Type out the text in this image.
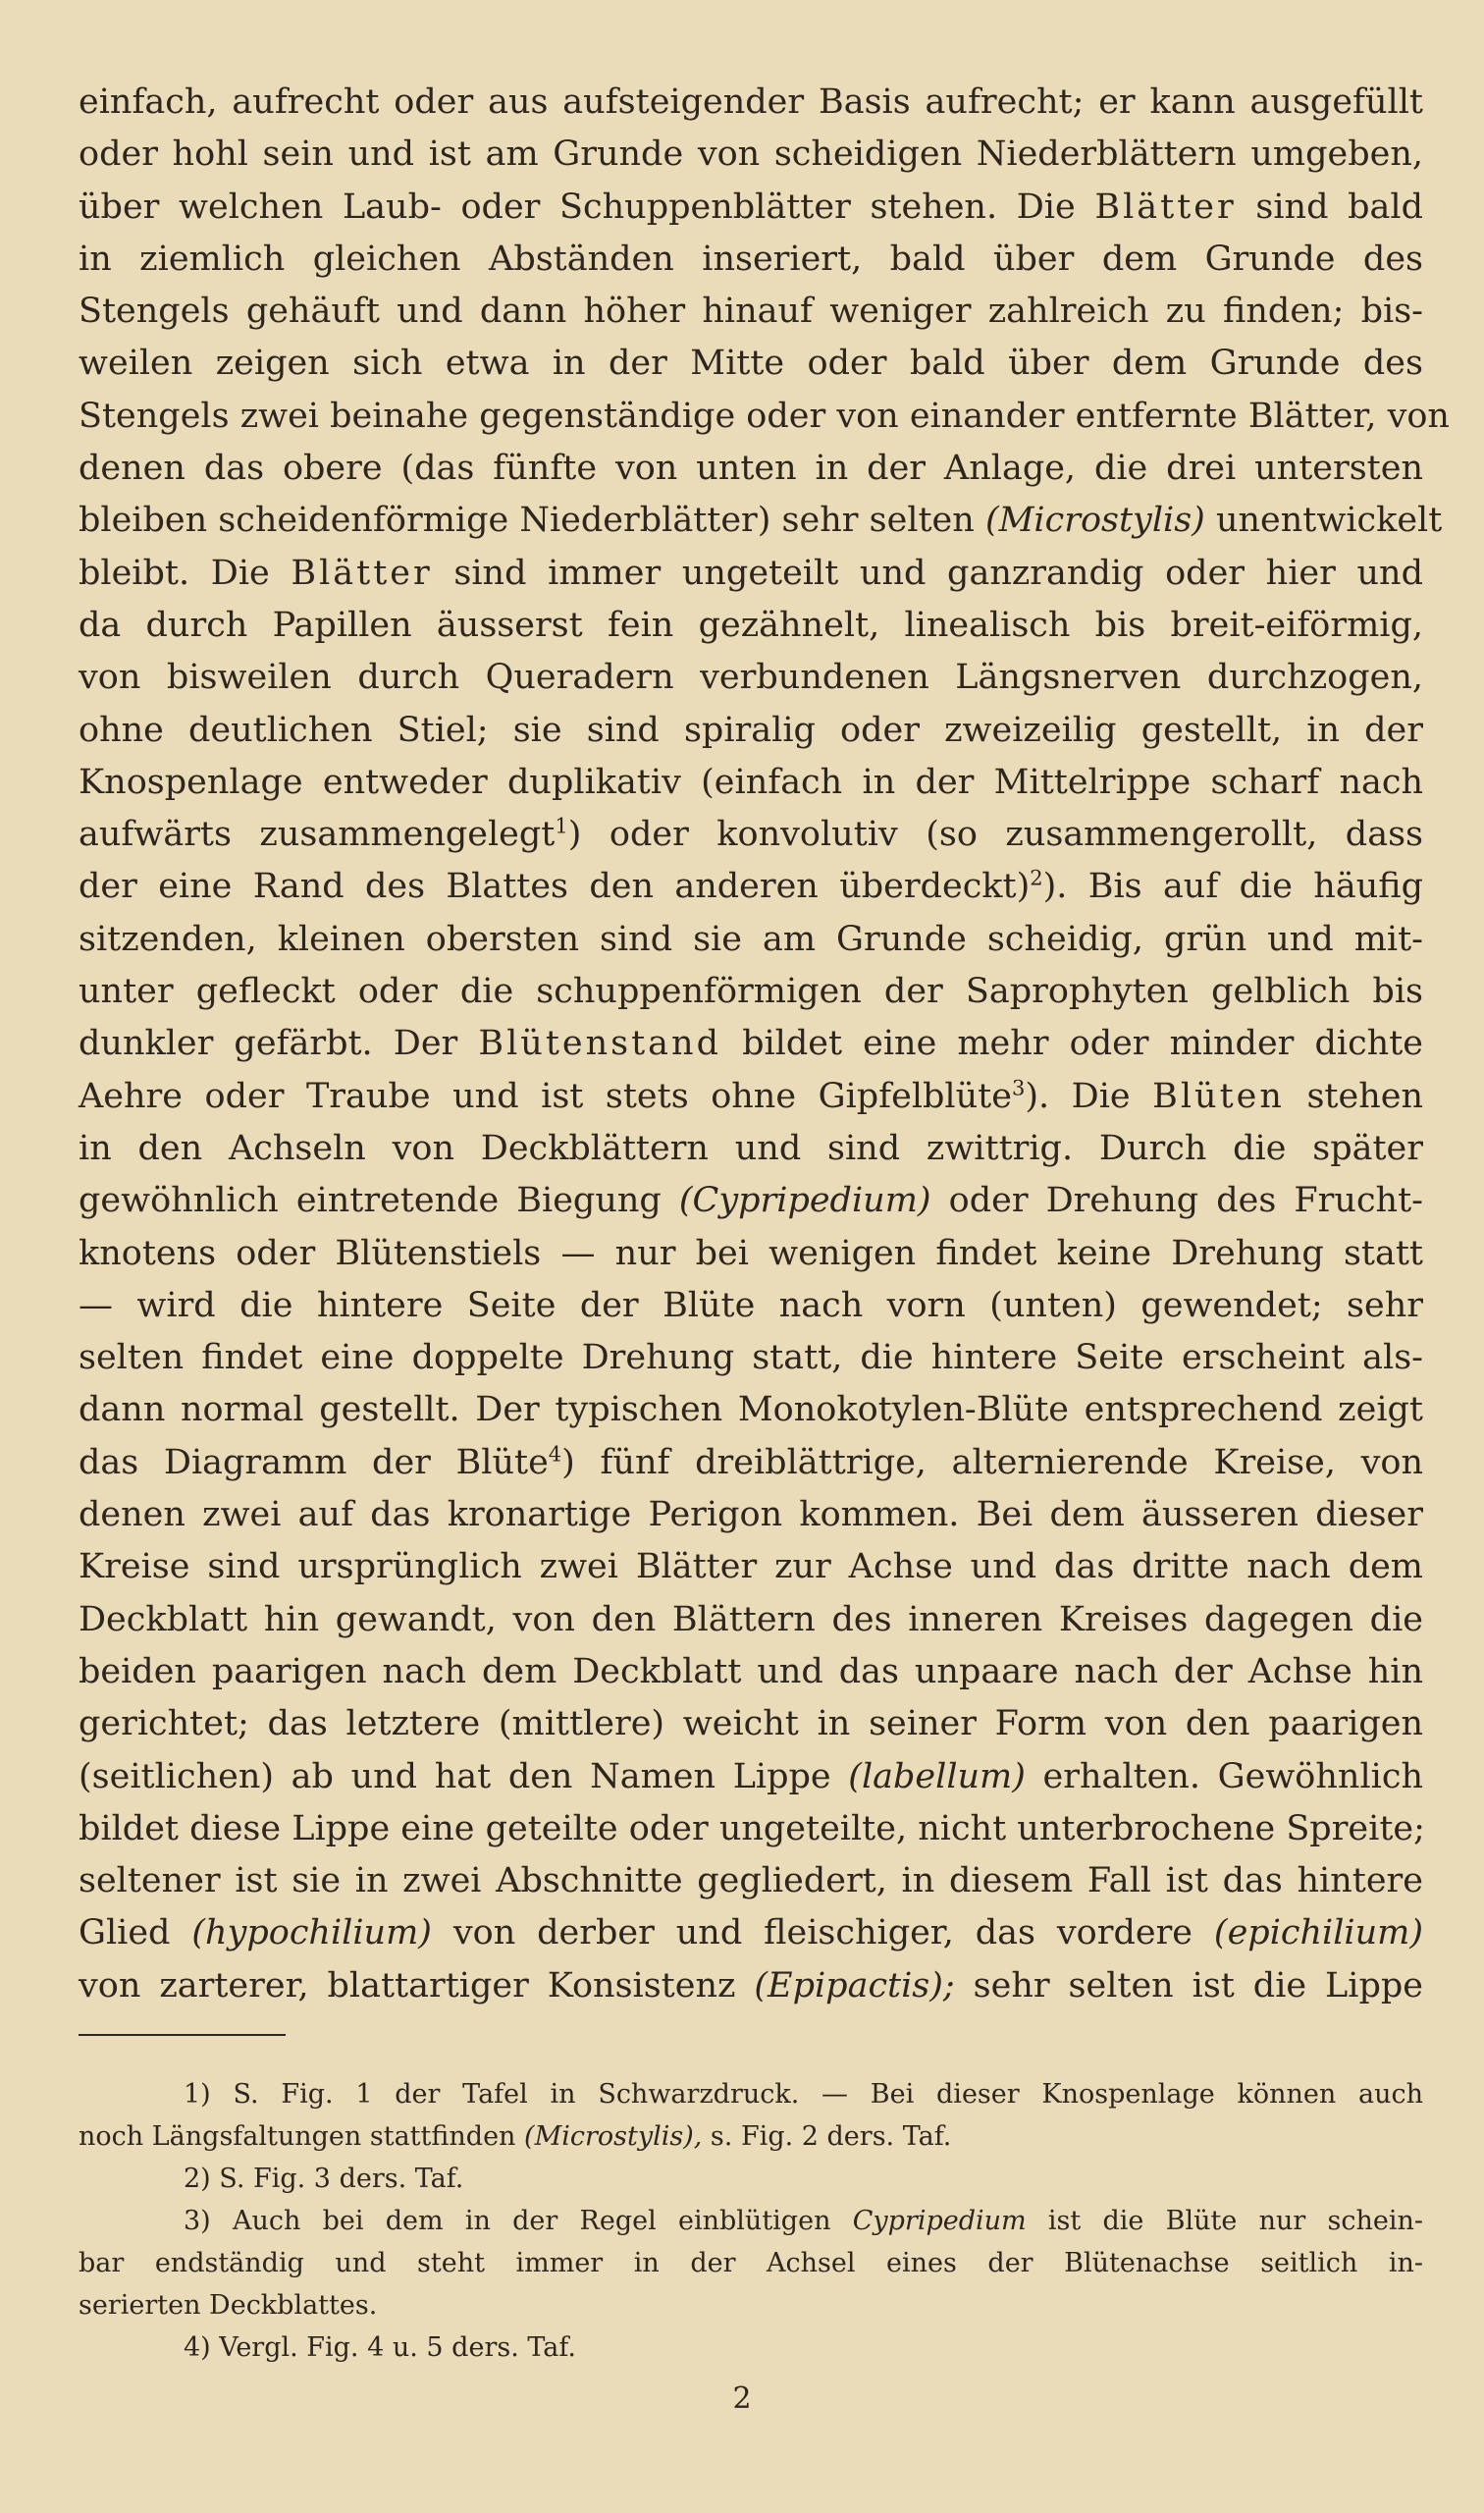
einfach, aufrecht oder aus aufsteigender Basis aufrecht; er kann ausgefüllt
oder hohl sein und ist am Grunde von scheidigen Niederblättern umgeben,
über welchen Laub- oder Schuppenblätter stehen. Die Blätter sind bald
in ziemlich gleichen Abständen inseriert, bald über dem Grunde des
Stengels gehäuft und dann höher hinauf weniger zahlreich zu finden; bis-
weilen zeigen sich etwa in der Mitte oder bald über dem Grunde des
Stengels zwei beinahe gegenständige oder von einander entfernte Blätter, von
denen das obere (das fünfte von unten in der Anlage, die drei untersten
bleiben scheidenförmige Niederblätter) sehr selten (Microstylis) unentwickelt
bleibt. Die Blätter sind immer ungeteilt und ganzrandig oder hier und
da durch Papillen äusserst fein gezähnelt, linealisch bis breit-eiförmig,
von bisweilen durch Queradern verbundenen Längsnerven durchzogen,
ohne deutlichen Stiel; sie sind spiralig oder zweizeilig gestellt, in der
Knospenlage entweder duplikativ (einfach in der Mittelrippe scharf nach
aufwärts zusammengelegt$^1$) oder konvolutiv (so zusammengerollt, dass
der eine Rand des Blattes den anderen überdeckt)$^2$). Bis auf die häufig
sitzenden, kleinen obersten sind sie am Grunde scheidig, grün und mit-
unter gefleckt oder die schuppenförmigen der Saprophyten gelblich bis
dunkler gefärbt. Der Blütenstand bildet eine mehr oder minder dichte
Aehre oder Traube und ist stets ohne Gipfelblüte$^3$). Die Blüten stehen
in den Achseln von Deckblättern und sind zwittrig. Durch die später
gewöhnlich eintretende Biegung (Cypripedium) oder Drehung des Frucht-
knotens oder Blütenstiels — nur bei wenigen findet keine Drehung statt
— wird die hintere Seite der Blüte nach vorn (unten) gewendet; sehr
selten findet eine doppelte Drehung statt, die hintere Seite erscheint als-
dann normal gestellt. Der typischen Monokotylen-Blüte entsprechend zeigt
das Diagramm der Blüte$^4$) fünf dreiblättrige, alternierende Kreise, von
denen zwei auf das kronartige Perigon kommen. Bei dem äusseren dieser
Kreise sind ursprünglich zwei Blätter zur Achse und das dritte nach dem
Deckblatt hin gewandt, von den Blättern des inneren Kreises dagegen die
beiden paarigen nach dem Deckblatt und das unpaare nach der Achse hin
gerichtet; das letztere (mittlere) weicht in seiner Form von den paarigen
(seitlichen) ab und hat den Namen Lippe (labellum) erhalten. Gewöhnlich
bildet diese Lippe eine geteilte oder ungeteilte, nicht unterbrochene Spreite;
seltener ist sie in zwei Abschnitte gegliedert, in diesem Fall ist das hintere
Glied (hypochilium) von derber und fleischiger, das vordere (epichilium)
von zarterer, blattartiger Konsistenz (Epipactis); sehr selten ist die Lippe
1) S. Fig. 1 der Tafel in Schwarzdruck. — Bei dieser Knospenlage können auch
noch Längsfaltungen stattfinden (Microstylis), s. Fig. 2 ders. Taf.
2) S. Fig. 3 ders. Taf.
3) Auch bei dem in der Regel einblütigen Cypripedium ist die Blüte nur schein-
bar endständig und steht immer in der Achsel eines der Blütenachse seitlich in-
serierten Deckblattes.
4) Vergl. Fig. 4 u. 5 ders. Taf.
2
